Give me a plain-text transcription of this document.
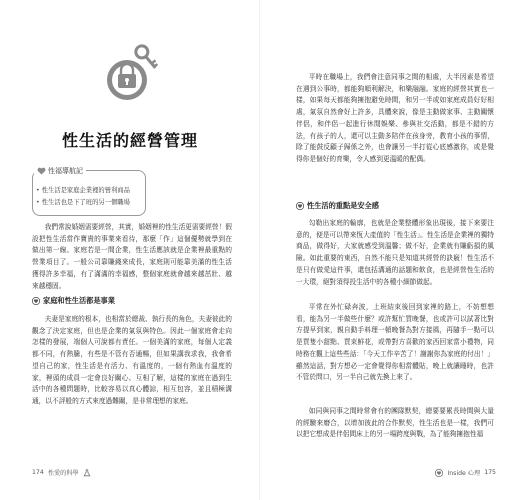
性生活的經營管理
性福導航記
• 性生活是家庭企業裡的營利商品
• 性生活也是下了班的另一個職場

我們常說婚姻需要經營，其實，婚姻裡的性生活更需要經營！假設把性生活當作寶貴的事業來看待，那麼「作」這個優勢就學到在做出第一線。家庭若是一間企業，性生活應該就是企業裡最重點的營業項目了。一般公司靠賺錢來成長，家庭則可能靠美滿的性生活獲得許多幸福，有了滿滿的幸福感，整個家庭就會越來越茁壯、越來越穩固。

家庭和性生活都是事業

夫妻是家庭的根本，也相當於總裁、執行長的角色，夫妻彼此的觀念了決定家庭，但也是企業的氣氛與特色。因此一個家庭會走向怎樣的發展，端個人可說都有責任。一個美滿的家庭，每個人定義都不同，有熱騰，有些是不管有否通暢，但如果講我求我，我會希望自己的家，性生活是有活力、有溫度的，一個有熱血有溫度的家，裡頭的成員一定會良好關心、互相了解，這樣的家庭在過到生活中的各種問題時，比較容易以真心體諒，相互包容，並且積極溝通，以不評般的方式來度過難關，是非常理想的家庭。

174 性愛的科學

平時在職場上，我們會注意同事之間的相處，大半因素是希望在遇到公事時，都能夠順利解決，和樂融融。家庭的經營其實也一樣，如果每天都能夠擁抱避免時間，和另一半或如家庭成員好好相處，氣氛自然會好上許多，具體來說，像是主動做家事、主動關懷伴侶，和伴侶一起進行休閒娛樂、參與社交活動，都是不錯的方法，有孩子的人，還可以主動多陪伴在孩身旁，教育小孩的事情，除了能鼓反顧子歸係之外，也會讓另一半打從心底感激你，或是覺得你是個好的育樂，令人感到更溫暖的配偶。

性生活的重點是安全感

勾勒出家庭的輪廓，也就是企業整體形象出現後，接下來要注意的，便是可以帶來恆大產值的「性生活」。性生活是企業裡的獨特商品，做得好，大家就感受到溫馨；做不好，企業就有賺虧損的風險。如此重要的東西，自然不能只是知道其經營的訣竅！性生活不是只有做愛這件事，還包括溝通的話題和飲食，也是經營性生活的一大環，絕對須得投生活中的各種小細節做起。

平常在外忙碌奔波，上班結束後回到家裡的路上，不妨想想看，能為另一半做些什麼？或許幫忙買晚餐，也或許可以試著比對方提早到家，親自動手料理一頓晚餐為對方接風，再隨手一點可以是買隻小甜點、買束鮮花，或帶對方喜歡的家西回家當小禮物，同時務在觀上這些些話：「今天工作辛苦了！謝謝你為家庭的付出！」雖然這話，對方想必一定會覺得你相當體貼，晚上就讓睡時，也許不管於問口，另一半自己就先換上來了。

如同與同事之間時常會有的團隊默契，總要要累長時間與大量的經驗來磨合，以增加彼此的合作默契，性生活也是一樣，我們可以把它想成是伴侶間床上的另一場跨度與戰，為了能夠擁抱性福

Inside 心理 175
